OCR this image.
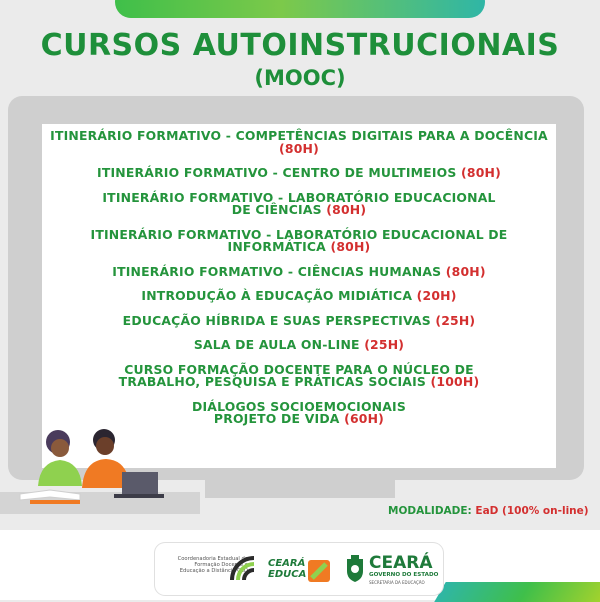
CURSOS AUTOINSTRUCIONAIS
(MOOC)
ITINERÁRIO FORMATIVO - COMPETÊNCIAS DIGITAIS PARA A DOCÊNCIA (80H)
ITINERÁRIO FORMATIVO - CENTRO DE MULTIMEIOS (80H)
ITINERÁRIO FORMATIVO - LABORATÓRIO EDUCACIONAL DE CIÊNCIAS (80H)
ITINERÁRIO FORMATIVO - LABORATÓRIO EDUCACIONAL DE INFORMÁTICA (80H)
ITINERÁRIO FORMATIVO - CIÊNCIAS HUMANAS (80H)
INTRODUÇÃO À EDUCAÇÃO MIDIÁTICA (20H)
EDUCAÇÃO HÍBRIDA E SUAS PERSPECTIVAS (25H)
SALA DE AULA ON-LINE (25H)
CURSO FORMAÇÃO DOCENTE PARA O NÚCLEO DE TRABALHO, PESQUISA E PRÁTICAS SOCIAIS (100H)
DIÁLOGOS SOCIOEMOCIONAIS PROJETO DE VIDA (60H)
MODALIDADE: EaD (100% on-line)
Coordenadoria Estadual de Formação Docente e Educação a Distância CED
CEARÁ
EDUCA
CEARÁ
GOVERNO DO ESTADO
SECRETARIA DA EDUCAÇÃO
